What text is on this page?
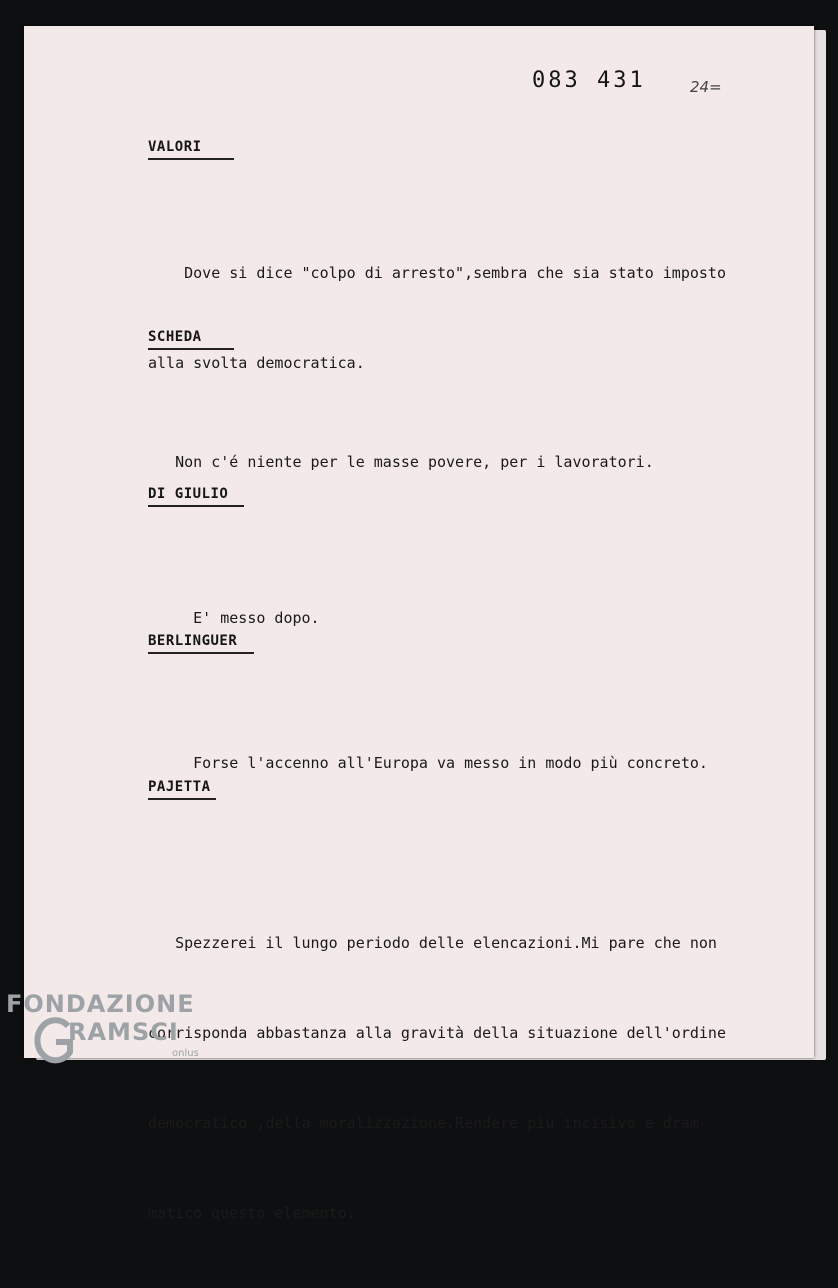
083 431	24=
VALORI

Dove si dice "colpo di arresto",sembra che sia stato imposto

alla svolta democratica.

SCHEDA

Non c'é niente per le masse povere, per i lavoratori.

DI GIULIO

E' messo dopo.

BERLINGUER

Forse l'accenno all'Europa va messo in modo più concreto.

PAJETTA

Spezzerei il lungo periodo delle elencazioni.Mi pare che non

corrisponda abbastanza alla gravità della situazione dell'ordine

democratico ,della moralizzazione.Rendere più incisivo e dram-

matico questo elemento.

FONDAZIONE
RAMSCI
onlus
